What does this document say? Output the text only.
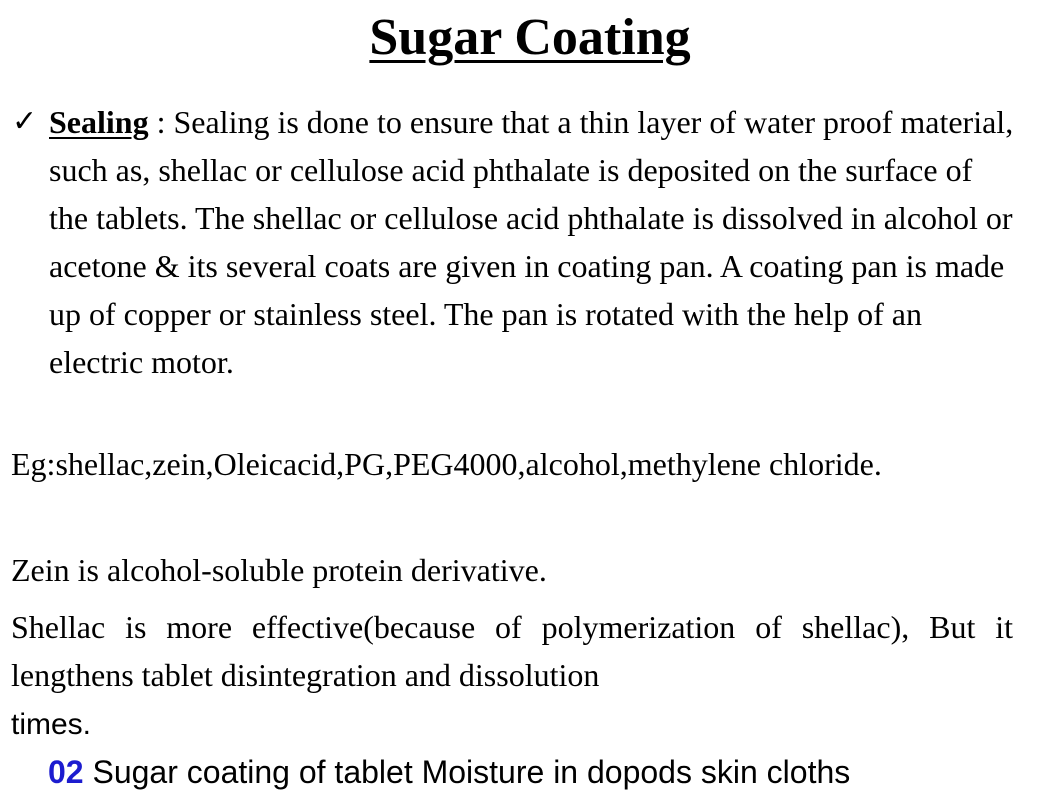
Sugar Coating
✓ Sealing : Sealing is done to ensure that a thin layer of water proof material, such as, shellac or cellulose acid phthalate is deposited on the surface of the tablets. The shellac or cellulose acid phthalate is dissolved in alcohol or acetone & its several coats are given in coating pan. A coating pan is made up of copper or stainless steel. The pan is rotated with the help of an electric motor.

Eg:shellac,zein,Oleicacid,PG,PEG4000,alcohol,methylene chloride.

Zein is alcohol-soluble protein derivative.

Shellac is more effective(because of polymerization of shellac), But it lengthens tablet disintegration and dissolution
times.

02 Sugar coating of tablet Moisture in dopods skin cloths
